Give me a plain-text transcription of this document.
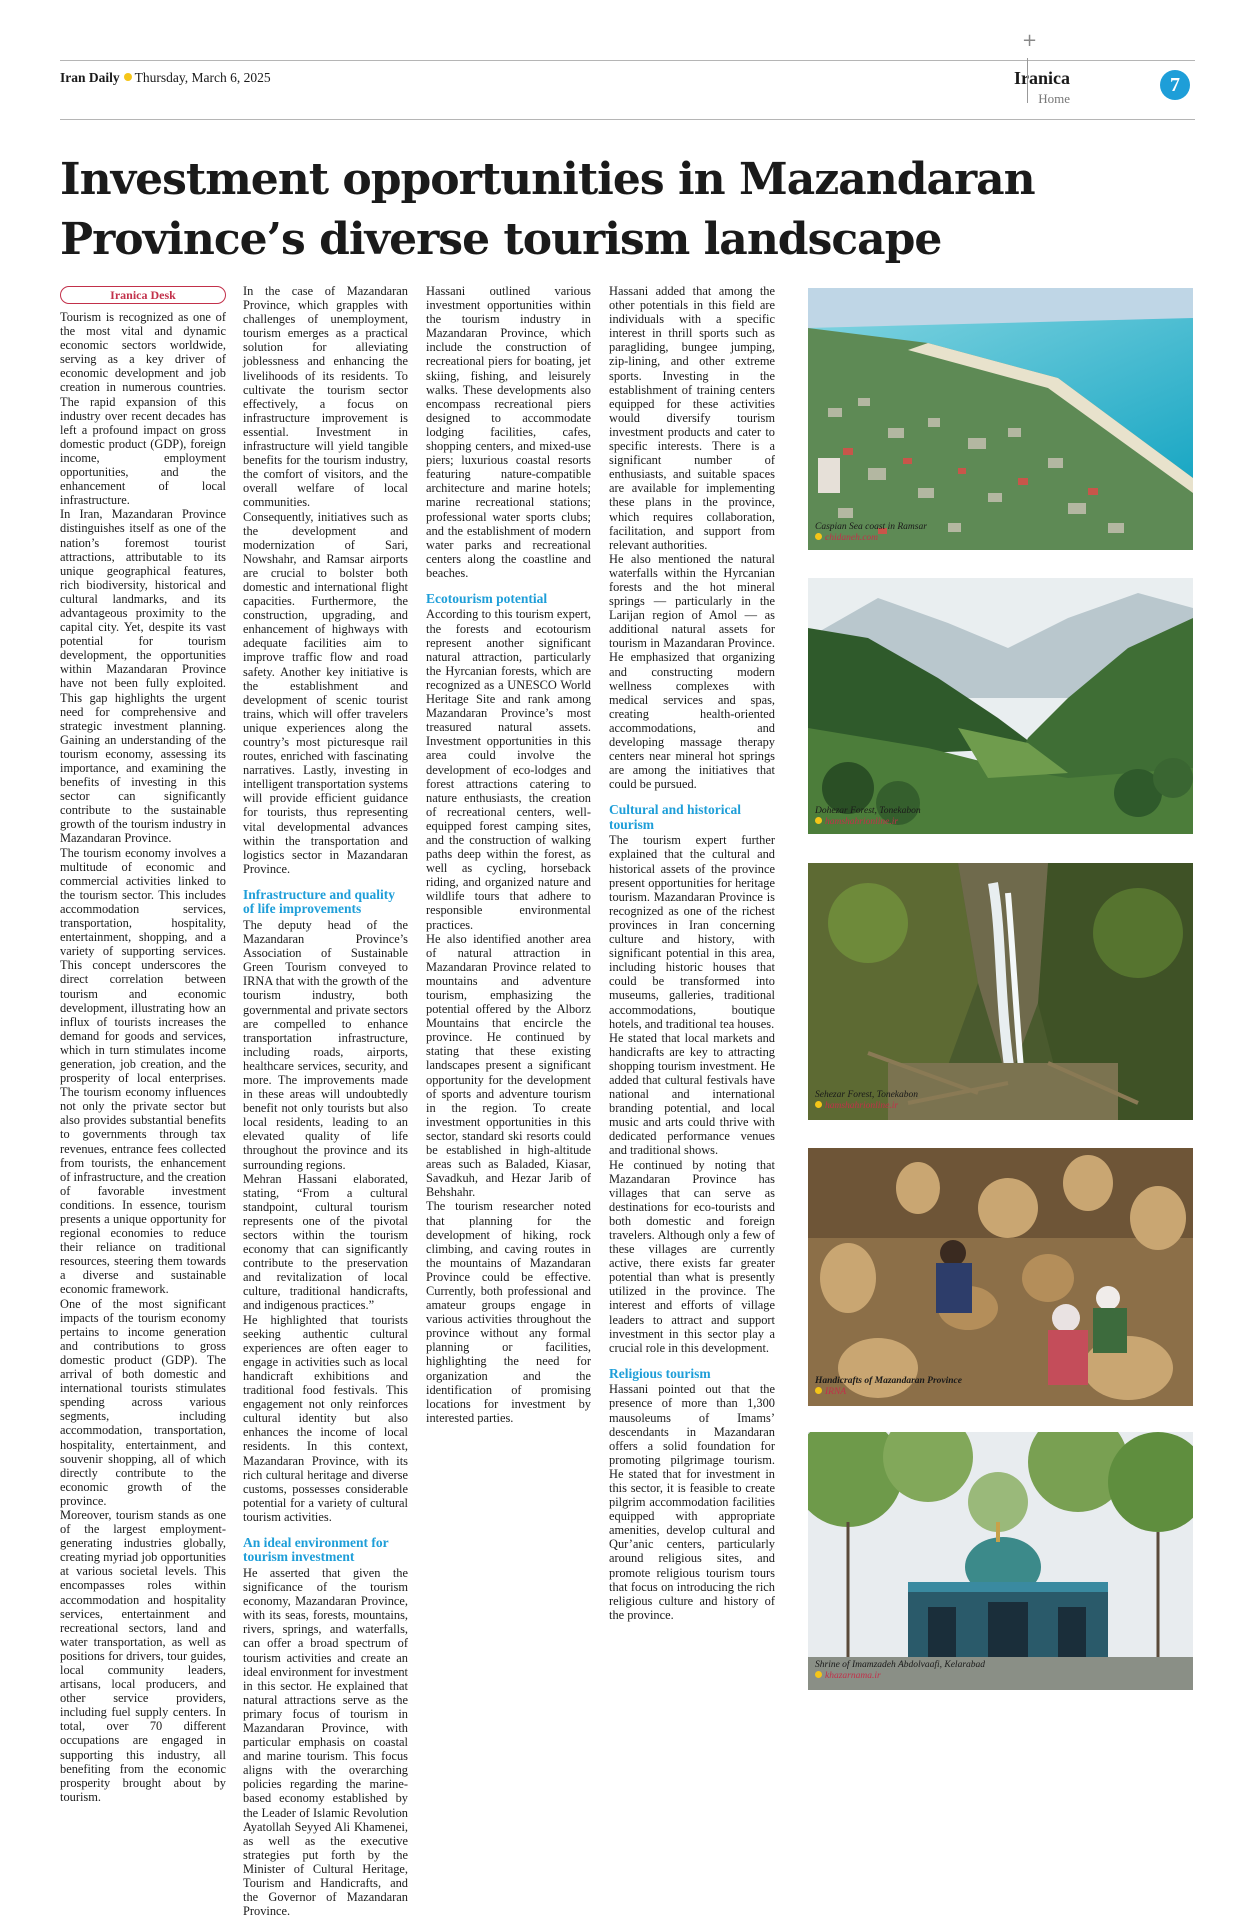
+
Iran Daily Thursday, March 6, 2025	Iranica
Home
7
Investment opportunities in Mazandaran Province’s diverse tourism landscape
Iranica Desk

Tourism is recognized as one of the most vital and dynamic economic sectors worldwide, serving as a key driver of economic development and job creation in numerous countries. The rapid expansion of this industry over recent decades has left a profound impact on gross domestic product (GDP), foreign income, employment opportunities, and the enhancement of local infrastructure.

In Iran, Mazandaran Province distinguishes itself as one of the nation’s foremost tourist attractions, attributable to its unique geographical features, rich biodiversity, historical and cultural landmarks, and its advantageous proximity to the capital city. Yet, despite its vast potential for tourism development, the opportunities within Mazandaran Province have not been fully exploited. This gap highlights the urgent need for comprehensive and strategic investment planning. Gaining an understanding of the tourism economy, assessing its importance, and examining the benefits of investing in this sector can significantly contribute to the sustainable growth of the tourism industry in Mazandaran Province.

The tourism economy involves a multitude of economic and commercial activities linked to the tourism sector. This includes accommodation services, transportation, hospitality, entertainment, shopping, and a variety of supporting services. This concept underscores the direct correlation between tourism and economic development, illustrating how an influx of tourists increases the demand for goods and services, which in turn stimulates income generation, job creation, and the prosperity of local enterprises. The tourism economy influences not only the private sector but also provides substantial benefits to governments through tax revenues, entrance fees collected from tourists, the enhancement of infrastructure, and the creation of favorable investment conditions. In essence, tourism presents a unique opportunity for regional economies to reduce their reliance on traditional resources, steering them towards a diverse and sustainable economic framework.

One of the most significant impacts of the tourism economy pertains to income generation and contributions to gross domestic product (GDP). The arrival of both domestic and international tourists stimulates spending across various segments, including accommodation, transportation, hospitality, entertainment, and souvenir shopping, all of which directly contribute to the economic growth of the province.

Moreover, tourism stands as one of the largest employment-generating industries globally, creating myriad job opportunities at various societal levels. This encompasses roles within accommodation and hospitality services, entertainment and recreational sectors, land and water transportation, as well as positions for drivers, tour guides, local community leaders, artisans, local producers, and other service providers, including fuel supply centers. In total, over 70 different occupations are engaged in supporting this industry, all benefiting from the economic prosperity brought about by tourism.

In the case of Mazandaran Province, which grapples with challenges of unemployment, tourism emerges as a practical solution for alleviating joblessness and enhancing the livelihoods of its residents. To cultivate the tourism sector effectively, a focus on infrastructure improvement is essential. Investment in infrastructure will yield tangible benefits for the tourism industry, the comfort of visitors, and the overall welfare of local communities.

Consequently, initiatives such as the development and modernization of Sari, Nowshahr, and Ramsar airports are crucial to bolster both domestic and international flight capacities. Furthermore, the construction, upgrading, and enhancement of highways with adequate facilities aim to improve traffic flow and road safety. Another key initiative is the establishment and development of scenic tourist trains, which will offer travelers unique experiences along the country’s most picturesque rail routes, enriched with fascinating narratives. Lastly, investing in intelligent transportation systems will provide efficient guidance for tourists, thus representing vital developmental advances within the transportation and logistics sector in Mazandaran Province.

Infrastructure and quality of life improvements

The deputy head of the Mazandaran Province’s Association of Sustainable Green Tourism conveyed to IRNA that with the growth of the tourism industry, both governmental and private sectors are compelled to enhance transportation infrastructure, including roads, airports, healthcare services, security, and more. The improvements made in these areas will undoubtedly benefit not only tourists but also local residents, leading to an elevated quality of life throughout the province and its surrounding regions.

Mehran Hassani elaborated, stating, “From a cultural standpoint, cultural tourism represents one of the pivotal sectors within the tourism economy that can significantly contribute to the preservation and revitalization of local culture, traditional handicrafts, and indigenous practices.”

He highlighted that tourists seeking authentic cultural experiences are often eager to engage in activities such as local handicraft exhibitions and traditional food festivals. This engagement not only reinforces cultural identity but also enhances the income of local residents. In this context, Mazandaran Province, with its rich cultural heritage and diverse customs, possesses considerable potential for a variety of cultural tourism activities.

An ideal environment for tourism investment

He asserted that given the significance of the tourism economy, Mazandaran Province, with its seas, forests, mountains, rivers, springs, and waterfalls, can offer a broad spectrum of tourism activities and create an ideal environment for investment in this sector. He explained that natural attractions serve as the primary focus of tourism in Mazandaran Province, with particular emphasis on coastal and marine tourism. This focus aligns with the overarching policies regarding the marine-based economy established by the Leader of Islamic Revolution Ayatollah Seyyed Ali Khamenei, as well as the executive strategies put forth by the Minister of Cultural Heritage, Tourism and Handicrafts, and the Governor of Mazandaran Province.

Hassani outlined various investment opportunities within the tourism industry in Mazandaran Province, which include the construction of recreational piers for boating, jet skiing, fishing, and leisurely walks. These developments also encompass recreational piers designed to accommodate lodging facilities, cafes, shopping centers, and mixed-use piers; luxurious coastal resorts featuring nature-compatible architecture and marine hotels; marine recreational stations; professional water sports clubs; and the establishment of modern water parks and recreational centers along the coastline and beaches.

Ecotourism potential

According to this tourism expert, the forests and ecotourism represent another significant natural attraction, particularly the Hyrcanian forests, which are recognized as a UNESCO World Heritage Site and rank among Mazandaran Province’s most treasured natural assets. Investment opportunities in this area could involve the development of eco-lodges and forest attractions catering to nature enthusiasts, the creation of recreational centers, well-equipped forest camping sites, and the construction of walking paths deep within the forest, as well as cycling, horseback riding, and organized nature and wildlife tours that adhere to responsible environmental practices.

He also identified another area of natural attraction in Mazandaran Province related to mountains and adventure tourism, emphasizing the potential offered by the Alborz Mountains that encircle the province. He continued by stating that these existing landscapes present a significant opportunity for the development of sports and adventure tourism in the region. To create investment opportunities in this sector, standard ski resorts could be established in high-altitude areas such as Baladed, Kiasar, Savadkuh, and Hezar Jarib of Behshahr.

The tourism researcher noted that planning for the development of hiking, rock climbing, and caving routes in the mountains of Mazandaran Province could be effective. Currently, both professional and amateur groups engage in various activities throughout the province without any formal planning or facilities, highlighting the need for organization and the identification of promising locations for investment by interested parties.

Hassani added that among the other potentials in this field are individuals with a specific interest in thrill sports such as paragliding, bungee jumping, zip-lining, and other extreme sports. Investing in the establishment of training centers equipped for these activities would diversify tourism investment products and cater to specific interests. There is a significant number of enthusiasts, and suitable spaces are available for implementing these plans in the province, which requires collaboration, facilitation, and support from relevant authorities.

He also mentioned the natural waterfalls within the Hyrcanian forests and the hot mineral springs — particularly in the Larijan region of Amol — as additional natural assets for tourism in Mazandaran Province. He emphasized that organizing and constructing modern wellness complexes with medical services and spas, creating health-oriented accommodations, and developing massage therapy centers near mineral hot springs are among the initiatives that could be pursued.

Cultural and historical tourism

The tourism expert further explained that the cultural and historical assets of the province present opportunities for heritage tourism. Mazandaran Province is recognized as one of the richest provinces in Iran concerning culture and history, with significant potential in this area, including historic houses that could be transformed into museums, galleries, traditional accommodations, boutique hotels, and traditional tea houses.

He stated that local markets and handicrafts are key to attracting shopping tourism investment. He added that cultural festivals have national and international branding potential, and local music and arts could thrive with dedicated performance venues and traditional shows.

He continued by noting that Mazandaran Province has villages that can serve as destinations for eco-tourists and both domestic and foreign travelers. Although only a few of these villages are currently active, there exists far greater potential than what is presently utilized in the province. The interest and efforts of village leaders to attract and support investment in this sector play a crucial role in this development.

Religious tourism

Hassani pointed out that the presence of more than 1,300 mausoleums of Imams’ descendants in Mazandaran offers a solid foundation for promoting pilgrimage tourism. He stated that for investment in this sector, it is feasible to create pilgrim accommodation facilities equipped with appropriate amenities, develop cultural and Qur’anic centers, particularly around religious sites, and promote religious tourism tours that focus on introducing the rich religious culture and history of the province.

Caspian Sea coast in Ramsar
chidaneh.com
Dohezar Forest, Tonekabon
hamshahrionline.ir
Sehezar Forest, Tonekabon
hamshahrionline.ir
Handicrafts of Mazandaran Province
IRNA
Shrine of Imamzadeh Abdolvaafi, Kelarabad
khazarnama.ir
